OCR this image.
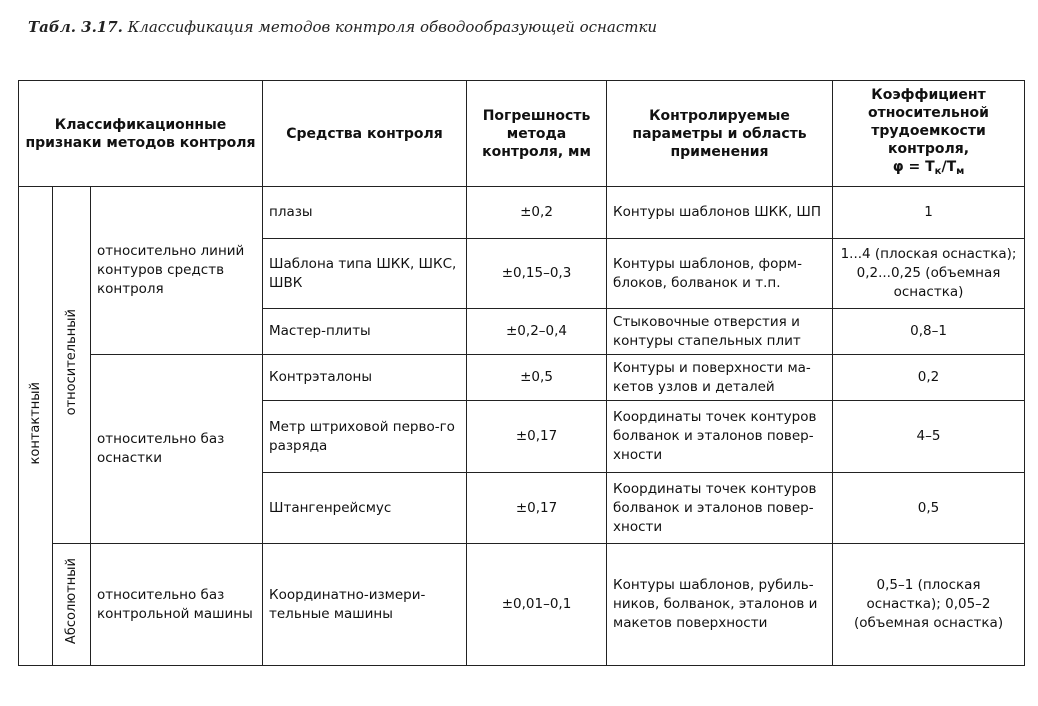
Табл. 3.17. Классификация методов контроля обводообразующей оснастки
Классификационные признаки методов контроля			Средства контроля	Погрешность метода контроля, мм	Контролируемые параметры и область применения	Коэффициент относительной трудоемкости контроля,
$\varphi = T_к/T_м$
контактный	относительный	относительно линий контуров средств контроля	плазы	±0,2	Контуры шаблонов ШКК, ШП	1
			Шаблона типа ШКК, ШКС, ШВК	±0,15–0,3	Контуры шаблонов, форм-блоков, болванок и т.п.	1...4 (плоская оснастка); 0,2...0,25 (объемная оснастка)
			Мастер-плиты	±0,2–0,4	Стыковочные отверстия и контуры стапельных плит	0,8–1
		относительно баз оснастки	Контрэталоны	±0,5	Контуры и поверхности ма-кетов узлов и деталей	0,2
			Метр штриховой перво-го разряда	±0,17	Координаты точек контуров болванок и эталонов повер-хности	4–5
			Штангенрейсмус	±0,17	Координаты точек контуров болванок и эталонов повер-хности	0,5
	Абсолютный	относительно баз контрольной машины	Координатно-измери-тельные машины	±0,01–0,1	Контуры шаблонов, рубиль-ников, болванок, эталонов и макетов поверхности	0,5–1 (плоская оснастка); 0,05–2 (объемная оснастка)
